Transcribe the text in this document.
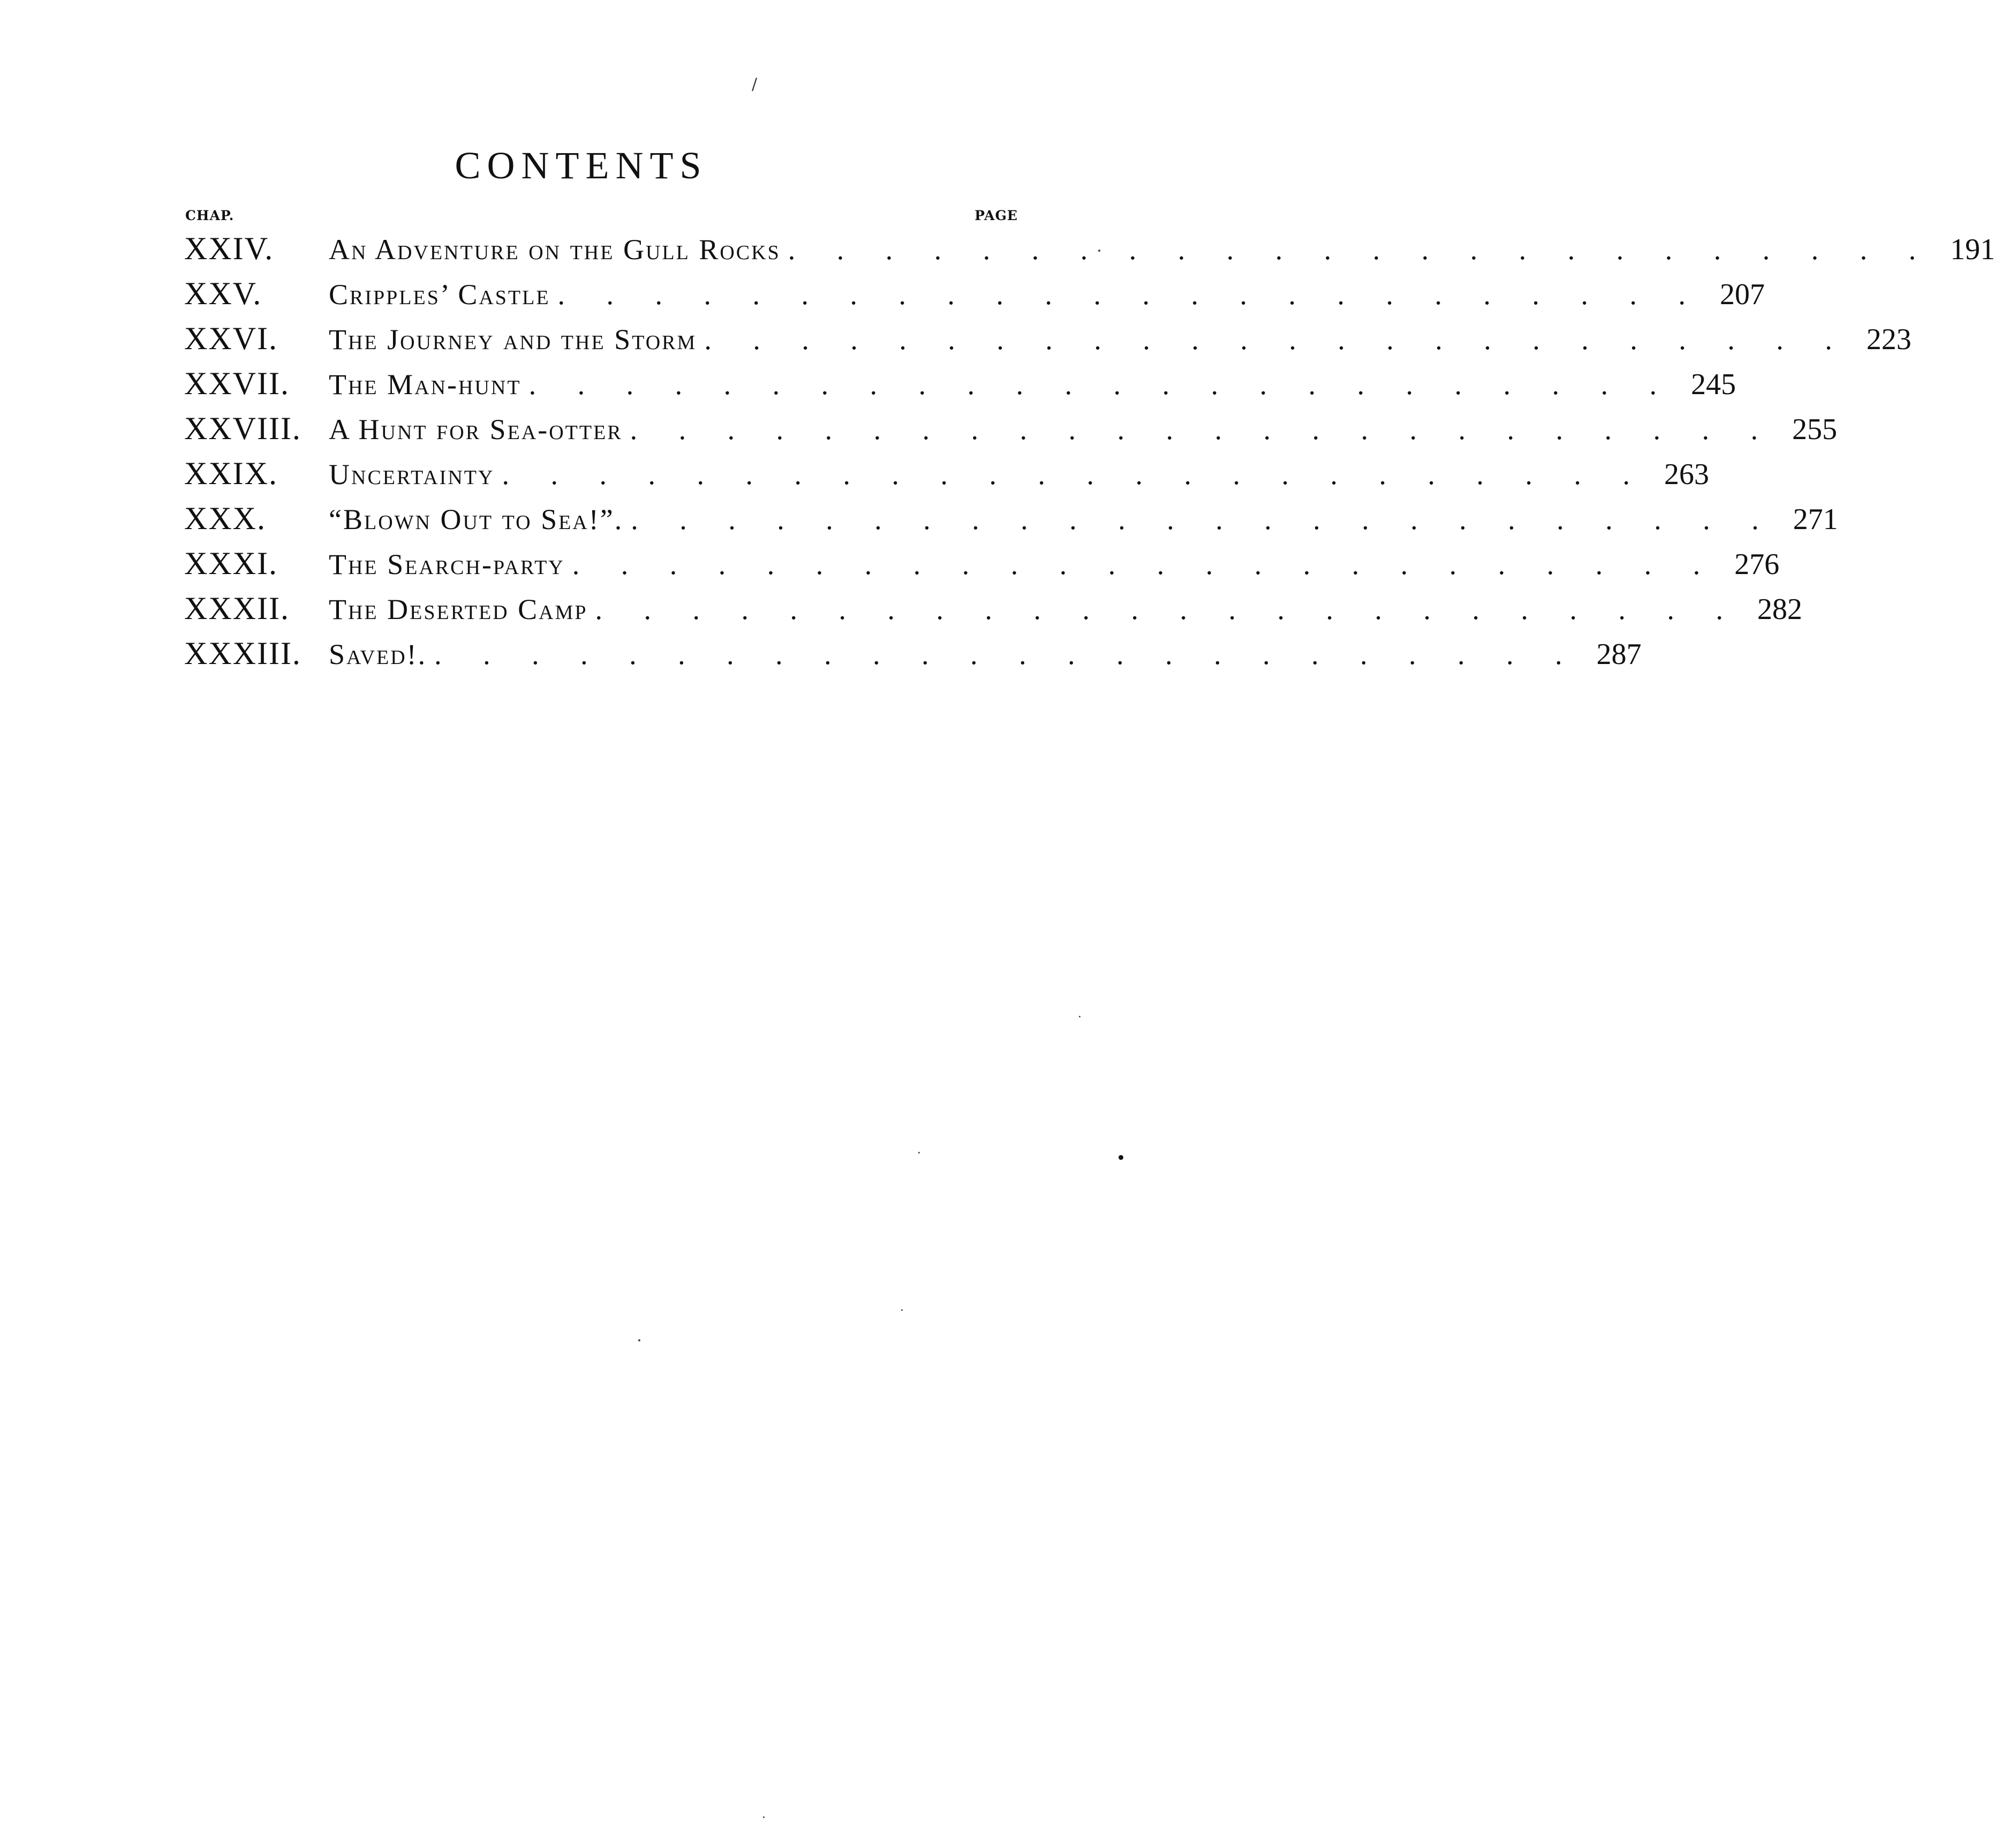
/
CONTENTS
CHAP.	PAGE
XXIV.	An Adventure on the Gull Rocks . . . . . . . . . . . . . . . . . . . . . . . . 191
XXV.	Cripples’ Castle . . . . . . . . . . . . . . . . . . . . . . . . 207
XXVI.	The Journey and the Storm . . . . . . . . . . . . . . . . . . . . . . . . 223
XXVII.	The Man-hunt . . . . . . . . . . . . . . . . . . . . . . . . 245
XXVIII. A Hunt for Sea-otter . . . . . . . . . . . . . . . . . . . . . . . . 255
XXIX.	Uncertainty . . . . . . . . . . . . . . . . . . . . . . . . 263
XXX.	“Blown Out to Sea!”. . . . . . . . . . . . . . . . . . . . . . . . . 271
XXXI.	The Search-party . . . . . . . . . . . . . . . . . . . . . . . . 276
XXXII.	The Deserted Camp . . . . . . . . . . . . . . . . . . . . . . . . 282
XXXIII. Saved!. . . . . . . . . . . . . . . . . . . . . . . . . 287
